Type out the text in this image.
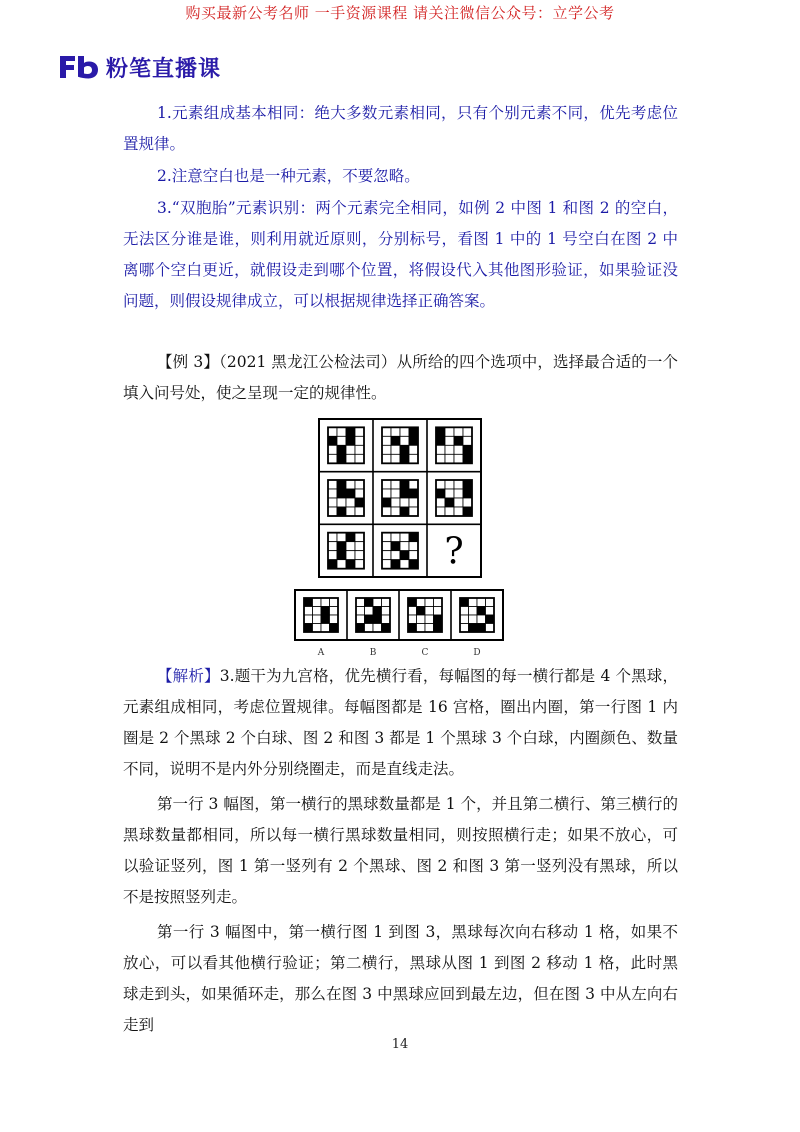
购买最新公考名师 一手资源课程 请关注微信公众号：立学公考
粉笔直播课

1.元素组成基本相同：绝大多数元素相同，只有个别元素不同，优先考虑位置规律。

2.注意空白也是一种元素，不要忽略。

3.“双胞胎”元素识别：两个元素完全相同，如例 2 中图 1 和图 2 的空白，无法区分谁是谁，则利用就近原则，分别标号，看图 1 中的 1 号空白在图 2 中离哪个空白更近，就假设走到哪个位置，将假设代入其他图形验证，如果验证没问题，则假设规律成立，可以根据规律选择正确答案。

【例 3】（2021 黑龙江公检法司）从所给的四个选项中，选择最合适的一个填入问号处，使之呈现一定的规律性。

?
A	B	C	D

【解析】3.题干为九宫格，优先横行看，每幅图的每一横行都是 4 个黑球，元素组成相同，考虑位置规律。每幅图都是 16 宫格，圈出内圈，第一行图 1 内圈是 2 个黑球 2 个白球、图 2 和图 3 都是 1 个黑球 3 个白球，内圈颜色、数量不同，说明不是内外分别绕圈走，而是直线走法。

第一行 3 幅图，第一横行的黑球数量都是 1 个，并且第二横行、第三横行的黑球数量都相同，所以每一横行黑球数量相同，则按照横行走；如果不放心，可以验证竖列，图 1 第一竖列有 2 个黑球、图 2 和图 3 第一竖列没有黑球，所以不是按照竖列走。

第一行 3 幅图中，第一横行图 1 到图 3，黑球每次向右移动 1 格，如果不放心，可以看其他横行验证；第二横行，黑球从图 1 到图 2 移动 1 格，此时黑球走到头，如果循环走，那么在图 3 中黑球应回到最左边，但在图 3 中从左向右走到

14
